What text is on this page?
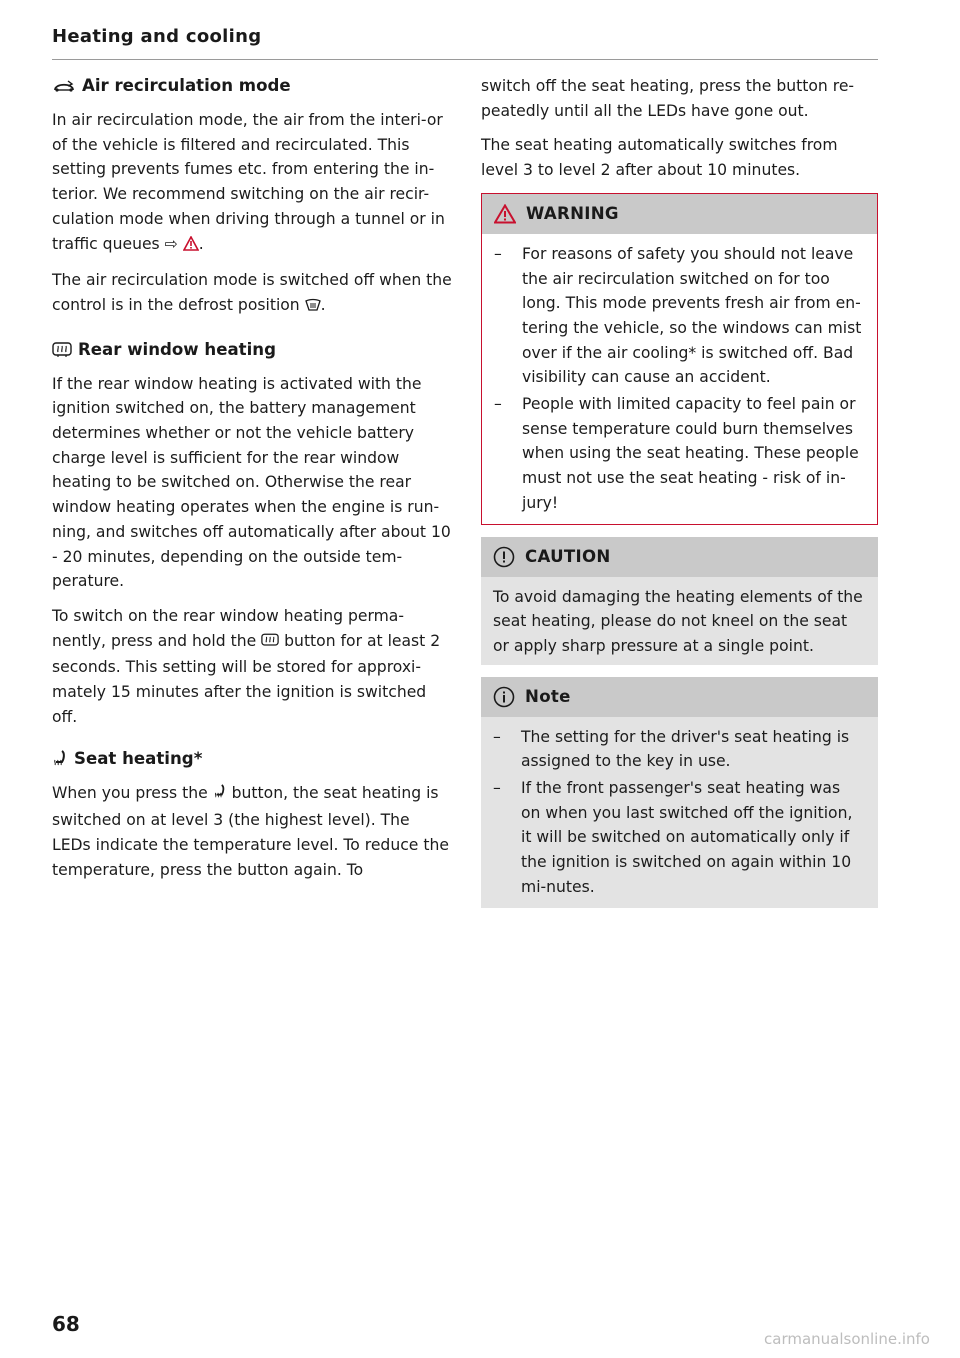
Heating and cooling
Air recirculation mode

In air recirculation mode, the air from the interi-or of the vehicle is filtered and recirculated. This setting prevents fumes etc. from entering the in-terior. We recommend switching on the air recir-culation mode when driving through a tunnel or in traffic queues ⇨ .

The air recirculation mode is switched off when the control is in the defrost position .

Rear window heating

If the rear window heating is activated with the ignition switched on, the battery management determines whether or not the vehicle battery charge level is sufficient for the rear window heating to be switched on. Otherwise the rear window heating operates when the engine is run-ning, and switches off automatically after about 10 - 20 minutes, depending on the outside tem-perature.

To switch on the rear window heating perma-nently, press and hold the button for at least 2 seconds. This setting will be stored for approxi-mately 15 minutes after the ignition is switched off.

Seat heating*

When you press the button, the seat heating is switched on at level 3 (the highest level). The LEDs indicate the temperature level. To reduce the temperature, press the button again. To

switch off the seat heating, press the button re-peatedly until all the LEDs have gone out.

The seat heating automatically switches from level 3 to level 2 after about 10 minutes.

WARNING
– For reasons of safety you should not leave the air recirculation switched on for too long. This mode prevents fresh air from en-tering the vehicle, so the windows can mist over if the air cooling* is switched off. Bad visibility can cause an accident.
– People with limited capacity to feel pain or sense temperature could burn themselves when using the seat heating. These people must not use the seat heating - risk of in-jury!
CAUTION

To avoid damaging the heating elements of the seat heating, please do not kneel on the seat or apply sharp pressure at a single point.

Note
– The setting for the driver's seat heating is assigned to the key in use.
– If the front passenger's seat heating was on when you last switched off the ignition, it will be switched on automatically only if the ignition is switched on again within 10 mi-nutes.
68
carmanualsonline.info
